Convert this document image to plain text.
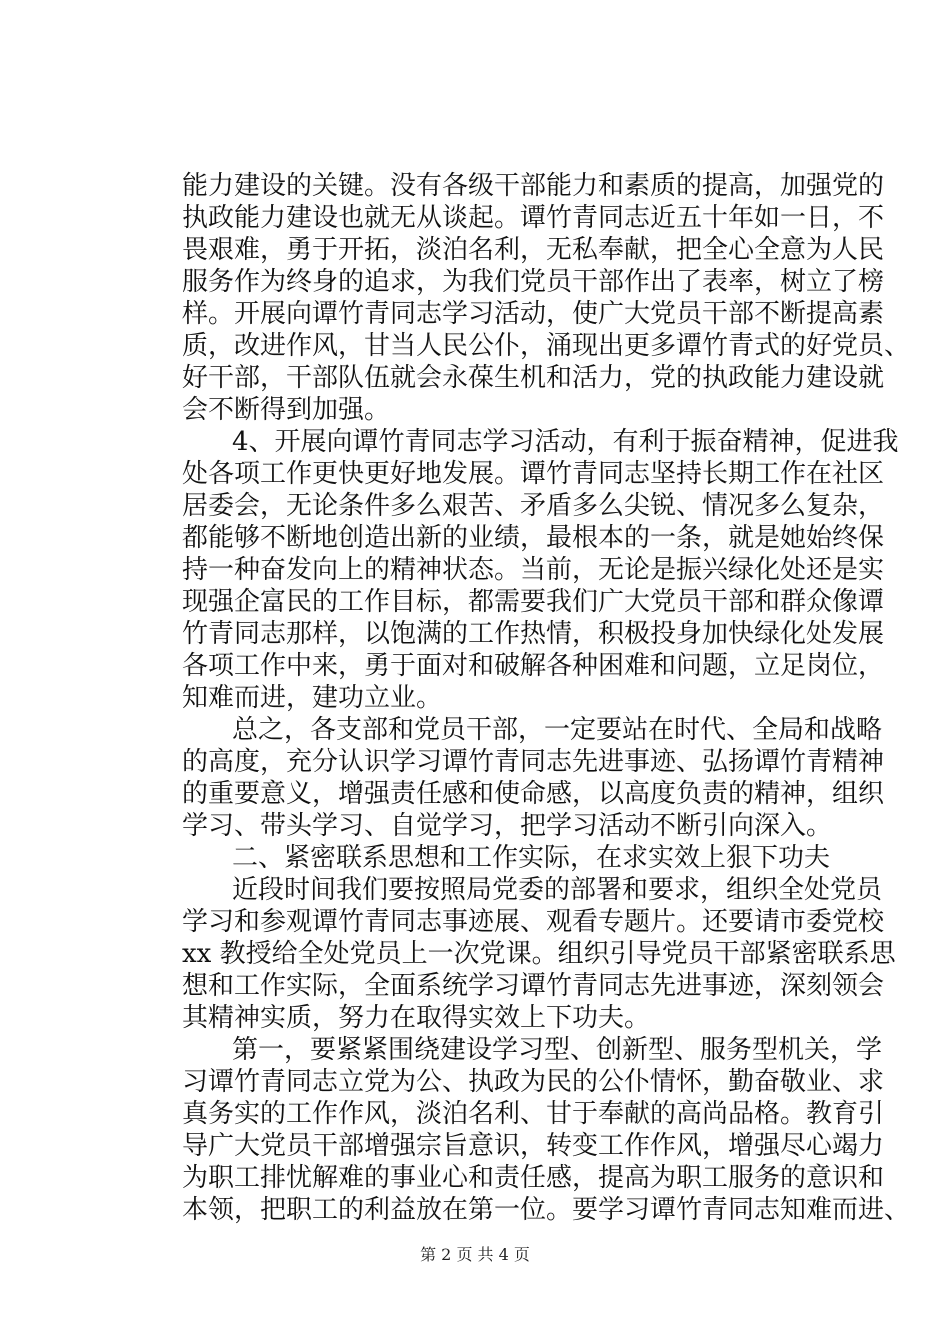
能力建设的关键。没有各级干部能力和素质的提高，加强党的
执政能力建设也就无从谈起。谭竹青同志近五十年如一日，不
畏艰难，勇于开拓，淡泊名利，无私奉献，把全心全意为人民
服务作为终身的追求，为我们党员干部作出了表率，树立了榜
样。开展向谭竹青同志学习活动，使广大党员干部不断提高素
质，改进作风，甘当人民公仆，涌现出更多谭竹青式的好党员、
好干部，干部队伍就会永葆生机和活力，党的执政能力建设就
会不断得到加强。
4、开展向谭竹青同志学习活动，有利于振奋精神，促进我
处各项工作更快更好地发展。谭竹青同志坚持长期工作在社区
居委会，无论条件多么艰苦、矛盾多么尖锐、情况多么复杂，
都能够不断地创造出新的业绩，最根本的一条，就是她始终保
持一种奋发向上的精神状态。当前，无论是振兴绿化处还是实
现强企富民的工作目标，都需要我们广大党员干部和群众像谭
竹青同志那样，以饱满的工作热情，积极投身加快绿化处发展
各项工作中来，勇于面对和破解各种困难和问题，立足岗位，
知难而进，建功立业。
总之，各支部和党员干部，一定要站在时代、全局和战略
的高度，充分认识学习谭竹青同志先进事迹、弘扬谭竹青精神
的重要意义，增强责任感和使命感，以高度负责的精神，组织
学习、带头学习、自觉学习，把学习活动不断引向深入。
二、紧密联系思想和工作实际，在求实效上狠下功夫
近段时间我们要按照局党委的部署和要求，组织全处党员
学习和参观谭竹青同志事迹展、观看专题片。还要请市委党校
xx 教授给全处党员上一次党课。组织引导党员干部紧密联系思
想和工作实际，全面系统学习谭竹青同志先进事迹，深刻领会
其精神实质，努力在取得实效上下功夫。
第一，要紧紧围绕建设学习型、创新型、服务型机关，学
习谭竹青同志立党为公、执政为民的公仆情怀，勤奋敬业、求
真务实的工作作风，淡泊名利、甘于奉献的高尚品格。教育引
导广大党员干部增强宗旨意识，转变工作作风，增强尽心竭力
为职工排忧解难的事业心和责任感，提高为职工服务的意识和
本领，把职工的利益放在第一位。要学习谭竹青同志知难而进、
第 2 页 共 4 页
